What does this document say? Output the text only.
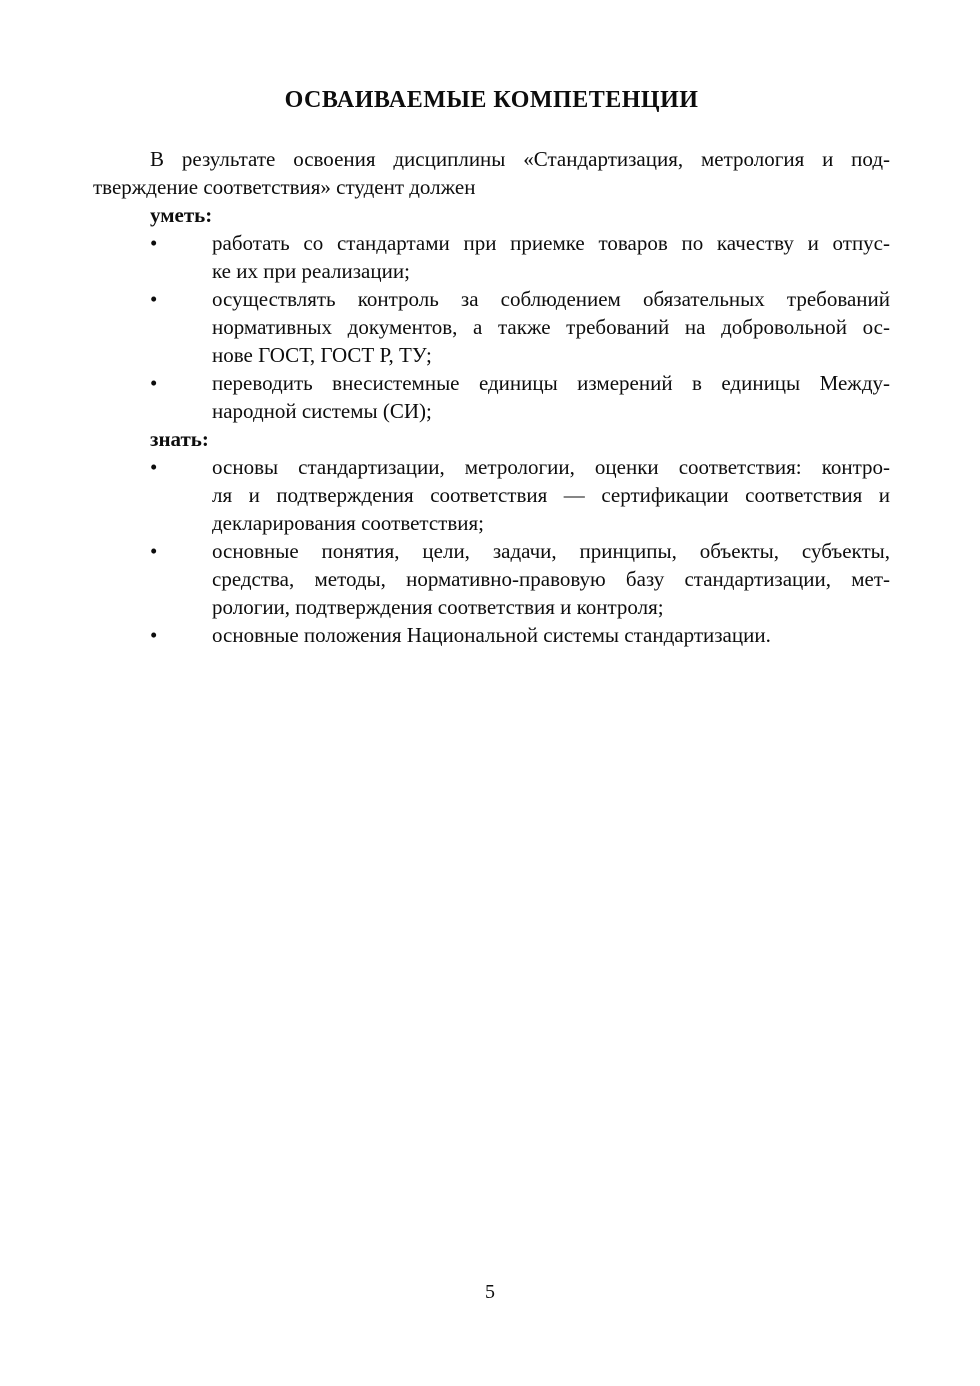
ОСВАИВАЕМЫЕ КОМПЕТЕНЦИИ

В результате освоения дисциплины «Стандартизация, метрология и под-
тверждение соответствия» студент должен

уметь:
•	работать со стандартами при приемке товаров по качеству и отпус-
ке их при реализации;
•	осуществлять контроль за соблюдением обязательных требований
нормативных документов, а также требований на добровольной ос-
нове ГОСТ, ГОСТ Р, ТУ;
•	переводить внесистемные единицы измерений в единицы Между-
народной системы (СИ);
знать:
•	основы стандартизации, метрологии, оценки соответствия: контро-
ля и подтверждения соответствия — сертификации соответствия и
декларирования соответствия;
•	основные понятия, цели, задачи, принципы, объекты, субъекты,
средства, методы, нормативно-правовую базу стандартизации, мет-
рологии, подтверждения соответствия и контроля;
•	основные положения Национальной системы стандартизации.
5
